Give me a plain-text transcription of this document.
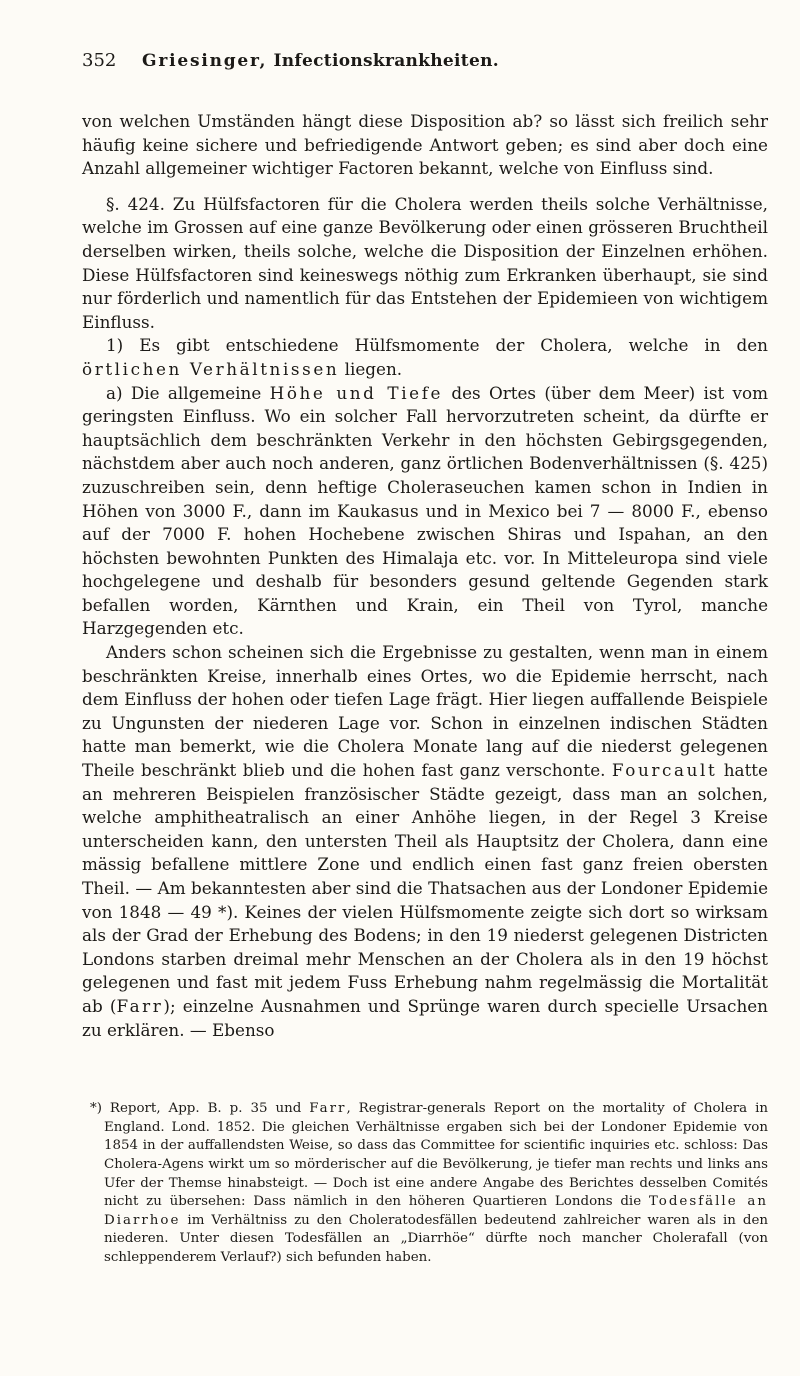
352	Griesinger, Infectionskrankheiten.

von welchen Umständen hängt diese Disposition ab? so lässt sich freilich sehr häufig keine sichere und befriedigende Antwort geben; es sind aber doch eine Anzahl allgemeiner wichtiger Factoren bekannt, welche von Einfluss sind.

§. 424. Zu Hülfsfactoren für die Cholera werden theils solche Verhältnisse, welche im Grossen auf eine ganze Bevölkerung oder einen grösseren Bruchtheil derselben wirken, theils solche, welche die Disposition der Einzelnen erhöhen. Diese Hülfsfactoren sind keineswegs nöthig zum Erkranken überhaupt, sie sind nur förderlich und namentlich für das Entstehen der Epidemieen von wichtigem Einfluss.

1) Es gibt entschiedene Hülfsmomente der Cholera, welche in den örtlichen Verhältnissen liegen.

a) Die allgemeine Höhe und Tiefe des Ortes (über dem Meer) ist vom geringsten Einfluss. Wo ein solcher Fall hervorzutreten scheint, da dürfte er hauptsächlich dem beschränkten Verkehr in den höchsten Gebirgsgegenden, nächstdem aber auch noch anderen, ganz örtlichen Bodenverhältnissen (§. 425) zuzuschreiben sein, denn heftige Choleraseuchen kamen schon in Indien in Höhen von 3000 F., dann im Kaukasus und in Mexico bei 7 — 8000 F., ebenso auf der 7000 F. hohen Hochebene zwischen Shiras und Ispahan, an den höchsten bewohnten Punkten des Himalaja etc. vor. In Mitteleuropa sind viele hochgelegene und deshalb für besonders gesund geltende Gegenden stark befallen worden, Kärnthen und Krain, ein Theil von Tyrol, manche Harzgegenden etc.

Anders schon scheinen sich die Ergebnisse zu gestalten, wenn man in einem beschränkten Kreise, innerhalb eines Ortes, wo die Epidemie herrscht, nach dem Einfluss der hohen oder tiefen Lage frägt. Hier liegen auffallende Beispiele zu Ungunsten der niederen Lage vor. Schon in einzelnen indischen Städten hatte man bemerkt, wie die Cholera Monate lang auf die niederst gelegenen Theile beschränkt blieb und die hohen fast ganz verschonte. Fourcault hatte an mehreren Beispielen französischer Städte gezeigt, dass man an solchen, welche amphitheatralisch an einer Anhöhe liegen, in der Regel 3 Kreise unterscheiden kann, den untersten Theil als Hauptsitz der Cholera, dann eine mässig befallene mittlere Zone und endlich einen fast ganz freien obersten Theil. — Am bekanntesten aber sind die Thatsachen aus der Londoner Epidemie von 1848 — 49 *). Keines der vielen Hülfsmomente zeigte sich dort so wirksam als der Grad der Erhebung des Bodens; in den 19 niederst gelegenen Districten Londons starben dreimal mehr Menschen an der Cholera als in den 19 höchst gelegenen und fast mit jedem Fuss Erhebung nahm regelmässig die Mortalität ab (Farr); einzelne Ausnahmen und Sprünge waren durch specielle Ursachen zu erklären. — Ebenso

*) Report, App. B. p. 35 und Farr, Registrar-generals Report on the mortality of Cholera in England. Lond. 1852. Die gleichen Verhältnisse ergaben sich bei der Londoner Epidemie von 1854 in der auffallendsten Weise, so dass das Committee for scientific inquiries etc. schloss: Das Cholera-Agens wirkt um so mörderischer auf die Bevölkerung, je tiefer man rechts und links ans Ufer der Themse hinabsteigt. — Doch ist eine andere Angabe des Berichtes desselben Comités nicht zu übersehen: Dass nämlich in den höheren Quartieren Londons die Todesfälle an Diarrhoe im Verhältniss zu den Choleratodesfällen bedeutend zahlreicher waren als in den niederen. Unter diesen Todesfällen an „Diarrhöe“ dürfte noch mancher Cholerafall (von schleppenderem Verlauf?) sich befunden haben.
